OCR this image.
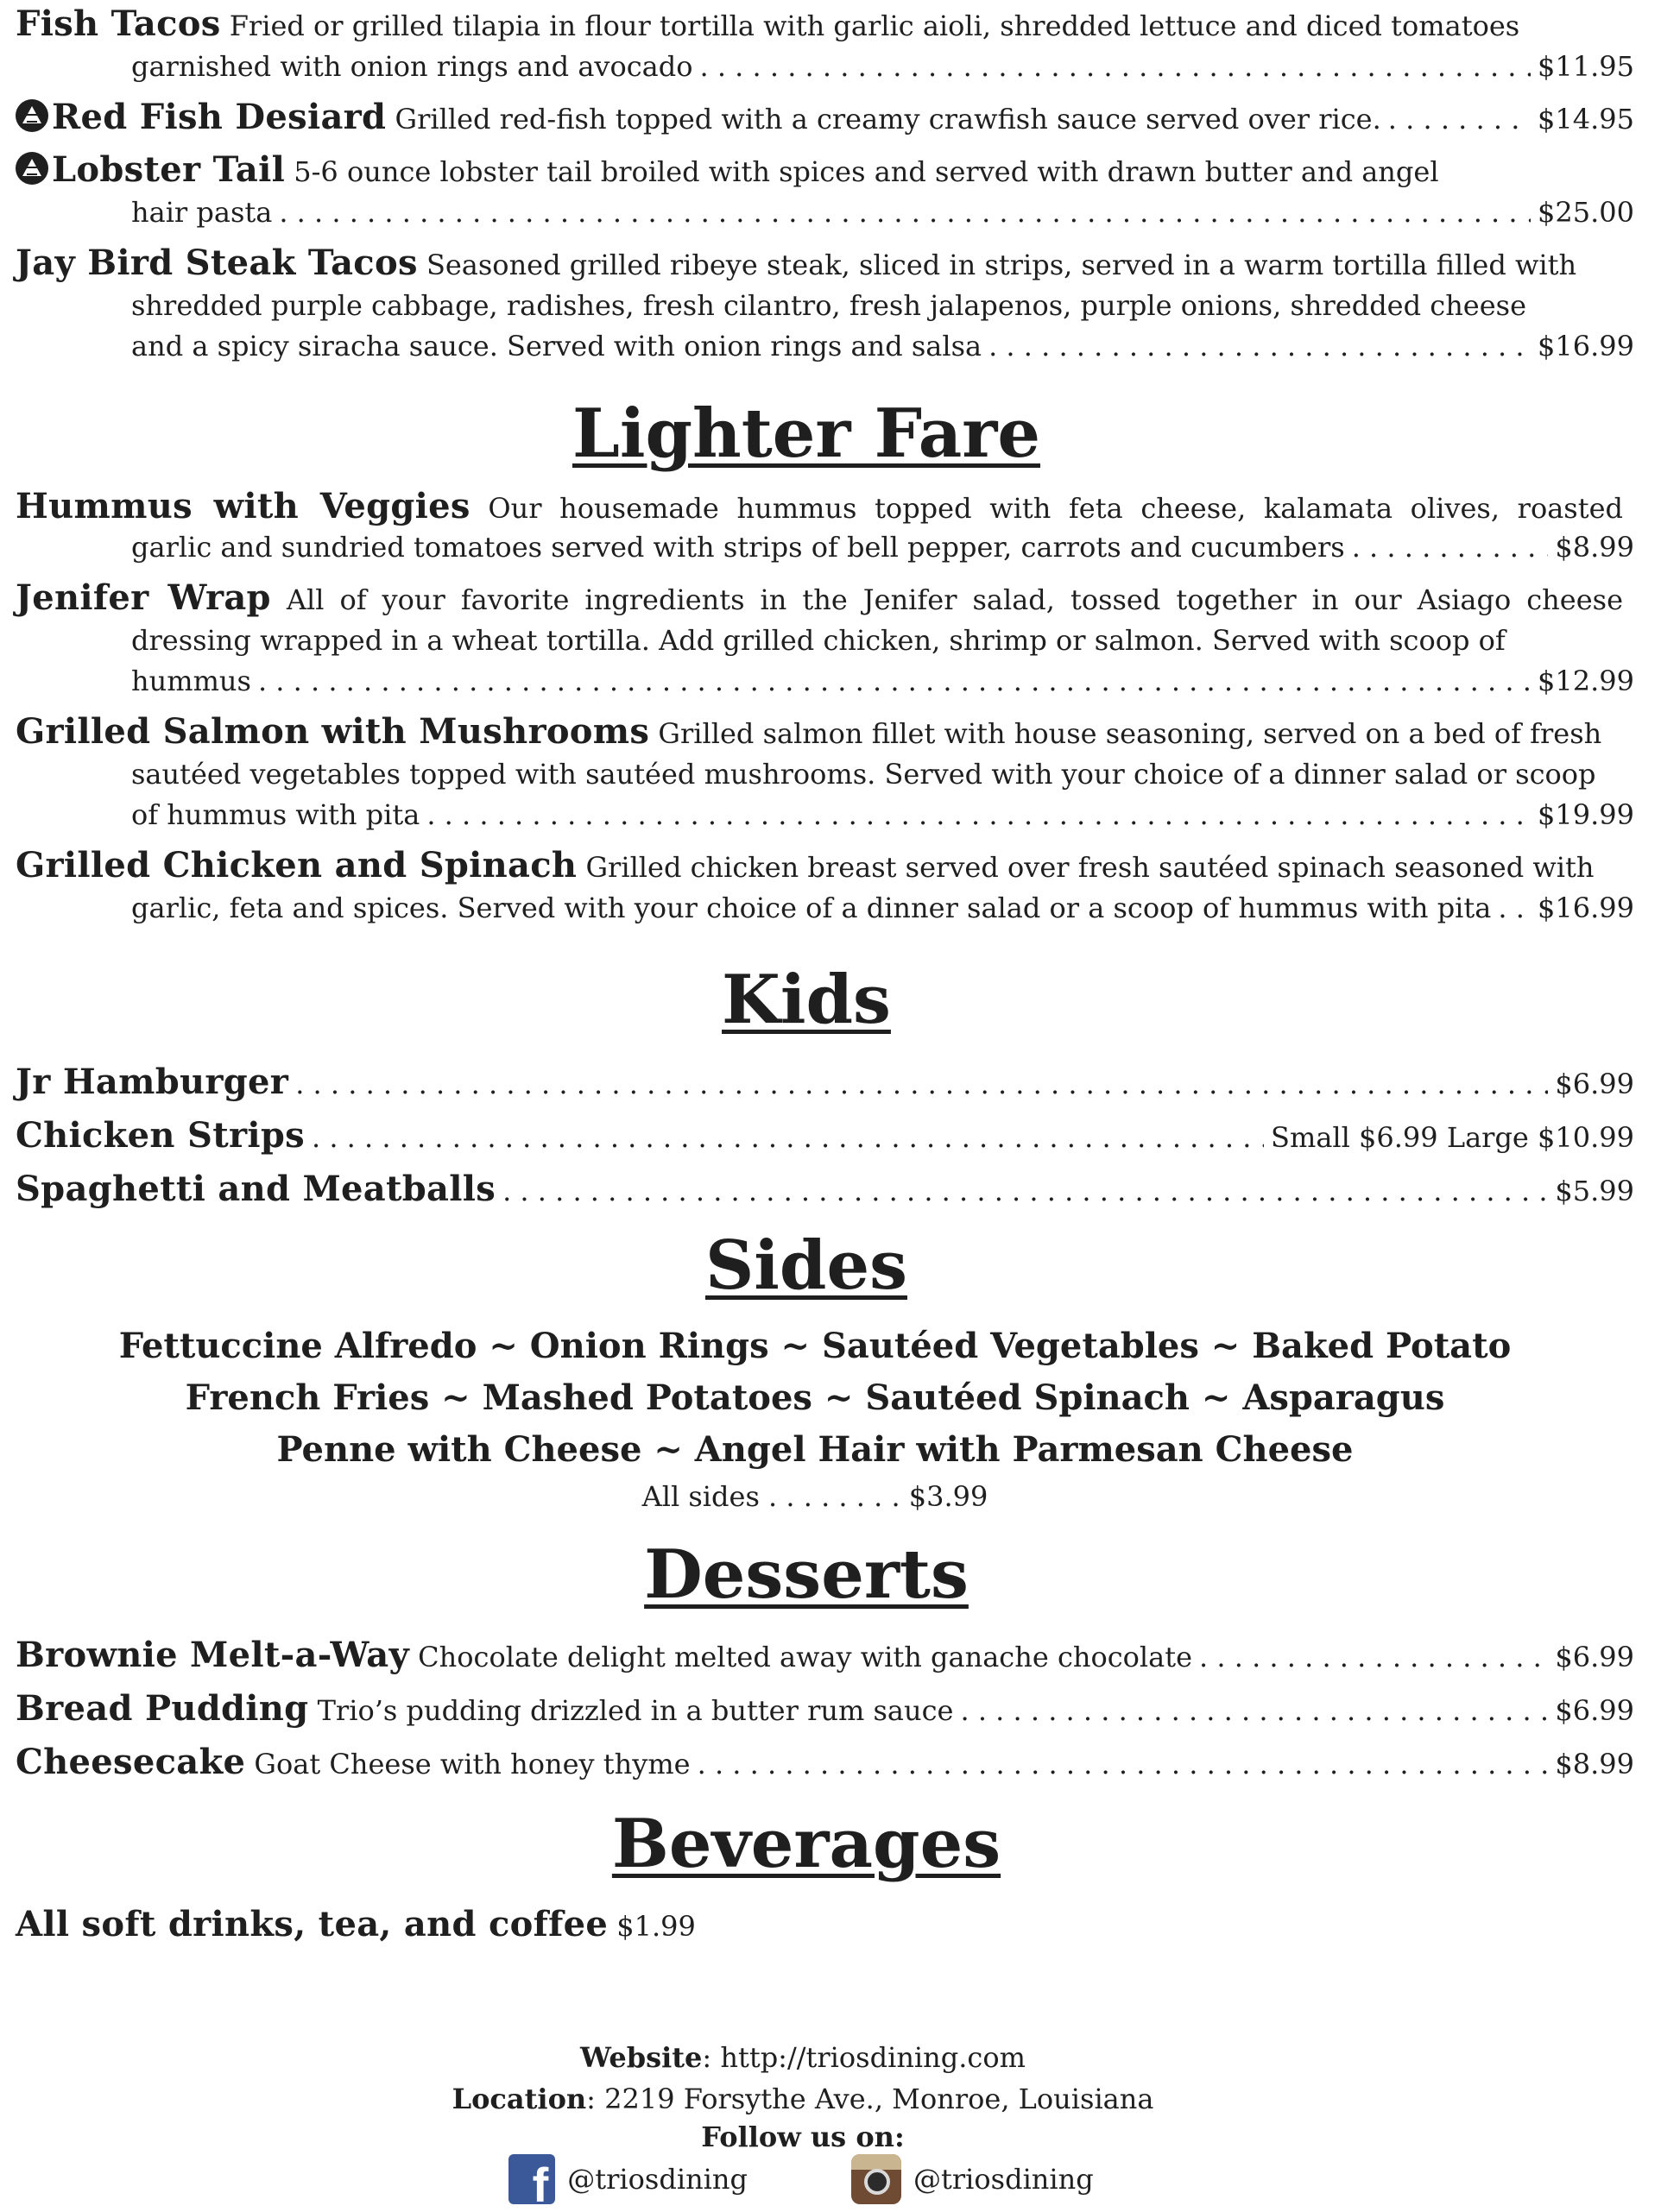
Fish Tacos Fried or grilled tilapia in flour tortilla with garlic aioli, shredded lettuce and diced tomatoes
garnished with onion rings and avocado . . .	$11.95
Red Fish Desiard Grilled red-fish topped with a creamy crawfish sauce served over rice. . . .	$14.95
Lobster Tail 5-6 ounce lobster tail broiled with spices and served with drawn butter and angel
hair pasta . . .	$25.00
Jay Bird Steak Tacos Seasoned grilled ribeye steak, sliced in strips, served in a warm tortilla filled with
shredded purple cabbage, radishes, fresh cilantro, fresh jalapenos, purple onions, shredded cheese
and a spicy siracha sauce. Served with onion rings and salsa . . .	$16.99
Lighter Fare
Hummus with Veggies Our housemade hummus topped with feta cheese, kalamata olives, roasted
garlic and sundried tomatoes served with strips of bell pepper, carrots and cucumbers . . .	$8.99
Jenifer Wrap All of your favorite ingredients in the Jenifer salad, tossed together in our Asiago cheese
dressing wrapped in a wheat tortilla. Add grilled chicken, shrimp or salmon. Served with scoop of
hummus . . .	$12.99
Grilled Salmon with Mushrooms Grilled salmon fillet with house seasoning, served on a bed of fresh
sautéed vegetables topped with sautéed mushrooms. Served with your choice of a dinner salad or scoop
of hummus with pita . . .	$19.99
Grilled Chicken and Spinach Grilled chicken breast served over fresh sautéed spinach seasoned with
garlic, feta and spices. Served with your choice of a dinner salad or a scoop of hummus with pita . . . $16.99
Kids
Jr Hamburger . . .	$6.99
Chicken Strips . . .	Small $6.99 Large $10.99
Spaghetti and Meatballs . . .	$5.99
Sides
Fettuccine Alfredo ~ Onion Rings ~ Sautéed Vegetables ~ Baked Potato
French Fries ~ Mashed Potatoes ~ Sautéed Spinach ~ Asparagus
Penne with Cheese ~ Angel Hair with Parmesan Cheese
All sides . . . . . . . . $3.99
Desserts
Brownie Melt-a-Way Chocolate delight melted away with ganache chocolate . . .	$6.99
Bread Pudding Trio’s pudding drizzled in a butter rum sauce . . .	$6.99
Cheesecake Goat Cheese with honey thyme . . .	$8.99
Beverages
All soft drinks, tea, and coffee $1.99
Website: http://triosdining.com
Location: 2219 Forsythe Ave., Monroe, Louisiana
Follow us on:
f
@triosdining	@triosdining
